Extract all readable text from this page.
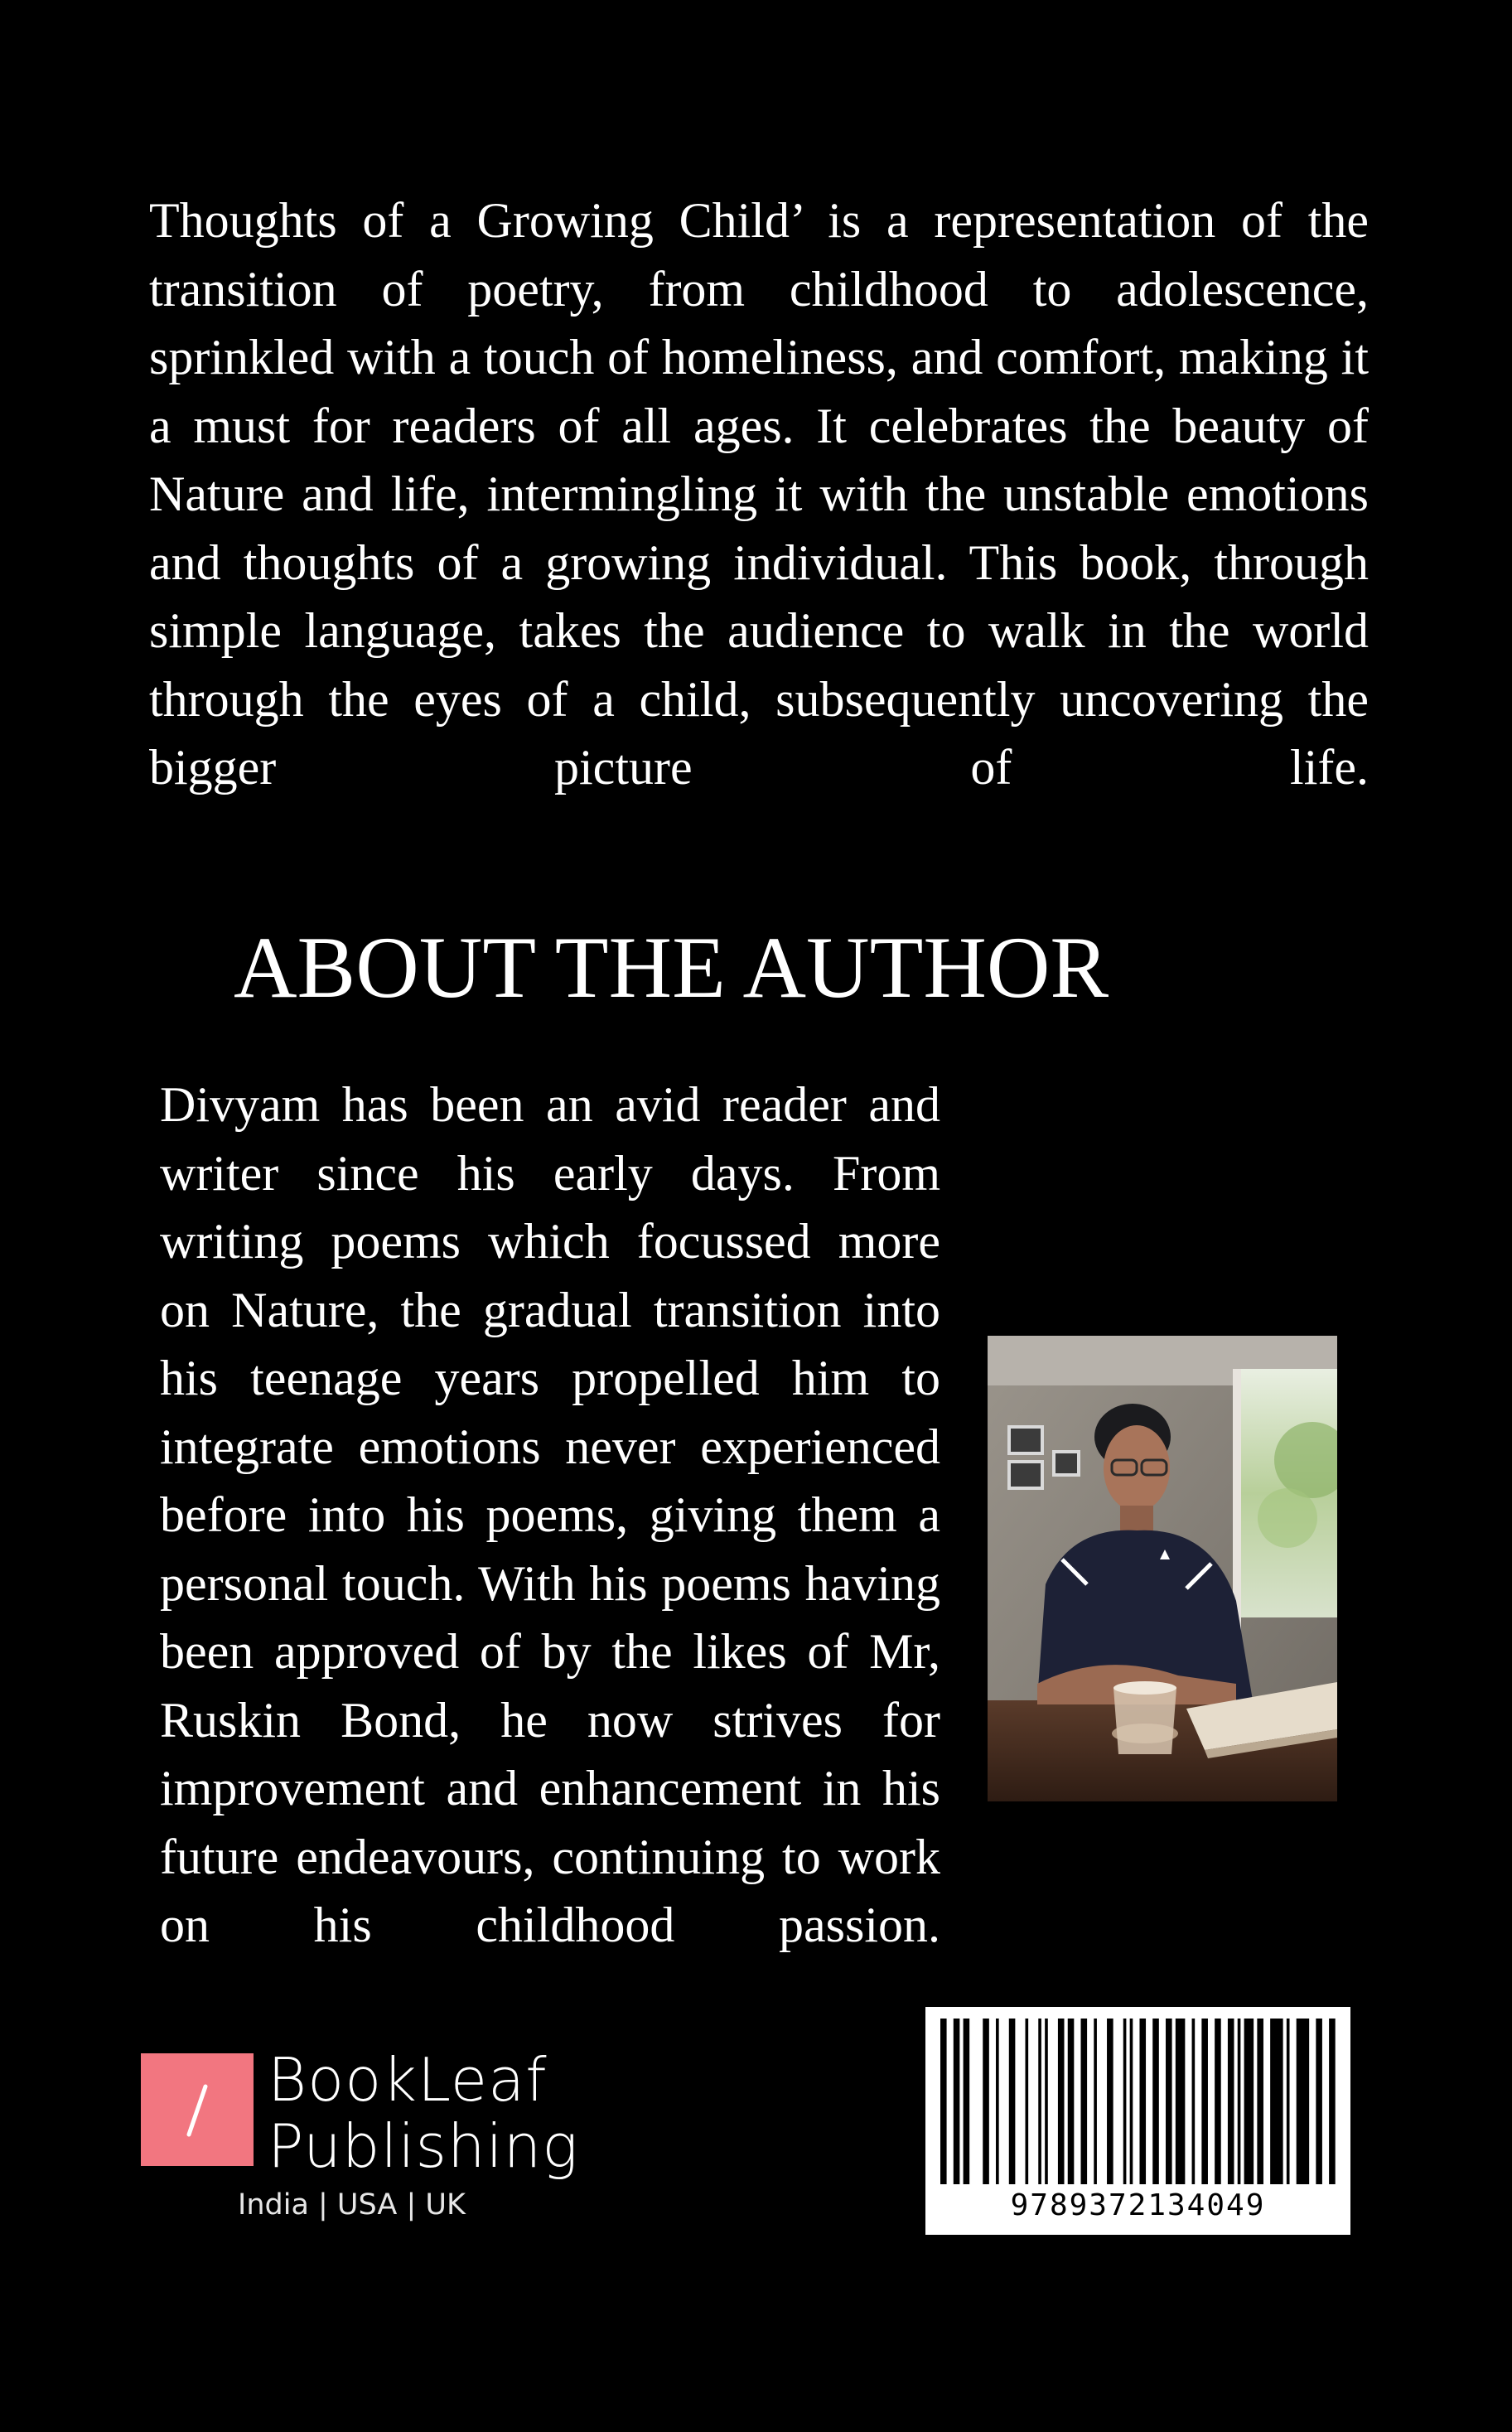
Thoughts of a Growing Child’ is a representation of the transition of poetry, from childhood to adolescence, sprinkled with a touch of homeliness, and comfort, making it a must for readers of all ages. It celebrates the beauty of Nature and life, intermingling it with the unstable emotions and thoughts of a growing individual. This book, through simple language, takes the audience to walk in the world through the eyes of a child, subsequently uncovering the bigger picture of life.

ABOUT THE AUTHOR

Divyam has been an avid reader and writer since his early days. From writing poems which focussed more on Nature, the gradual transition into his teenage years propelled him to integrate emotions never experienced before into his poems, giving them a personal touch. With his poems having been approved of by the likes of Mr, Ruskin Bond, he now strives for improvement and enhancement in his future endeavours, continuing to work on his childhood passion.

BookLeaf
Publishing
India | USA | UK	9789372134049
